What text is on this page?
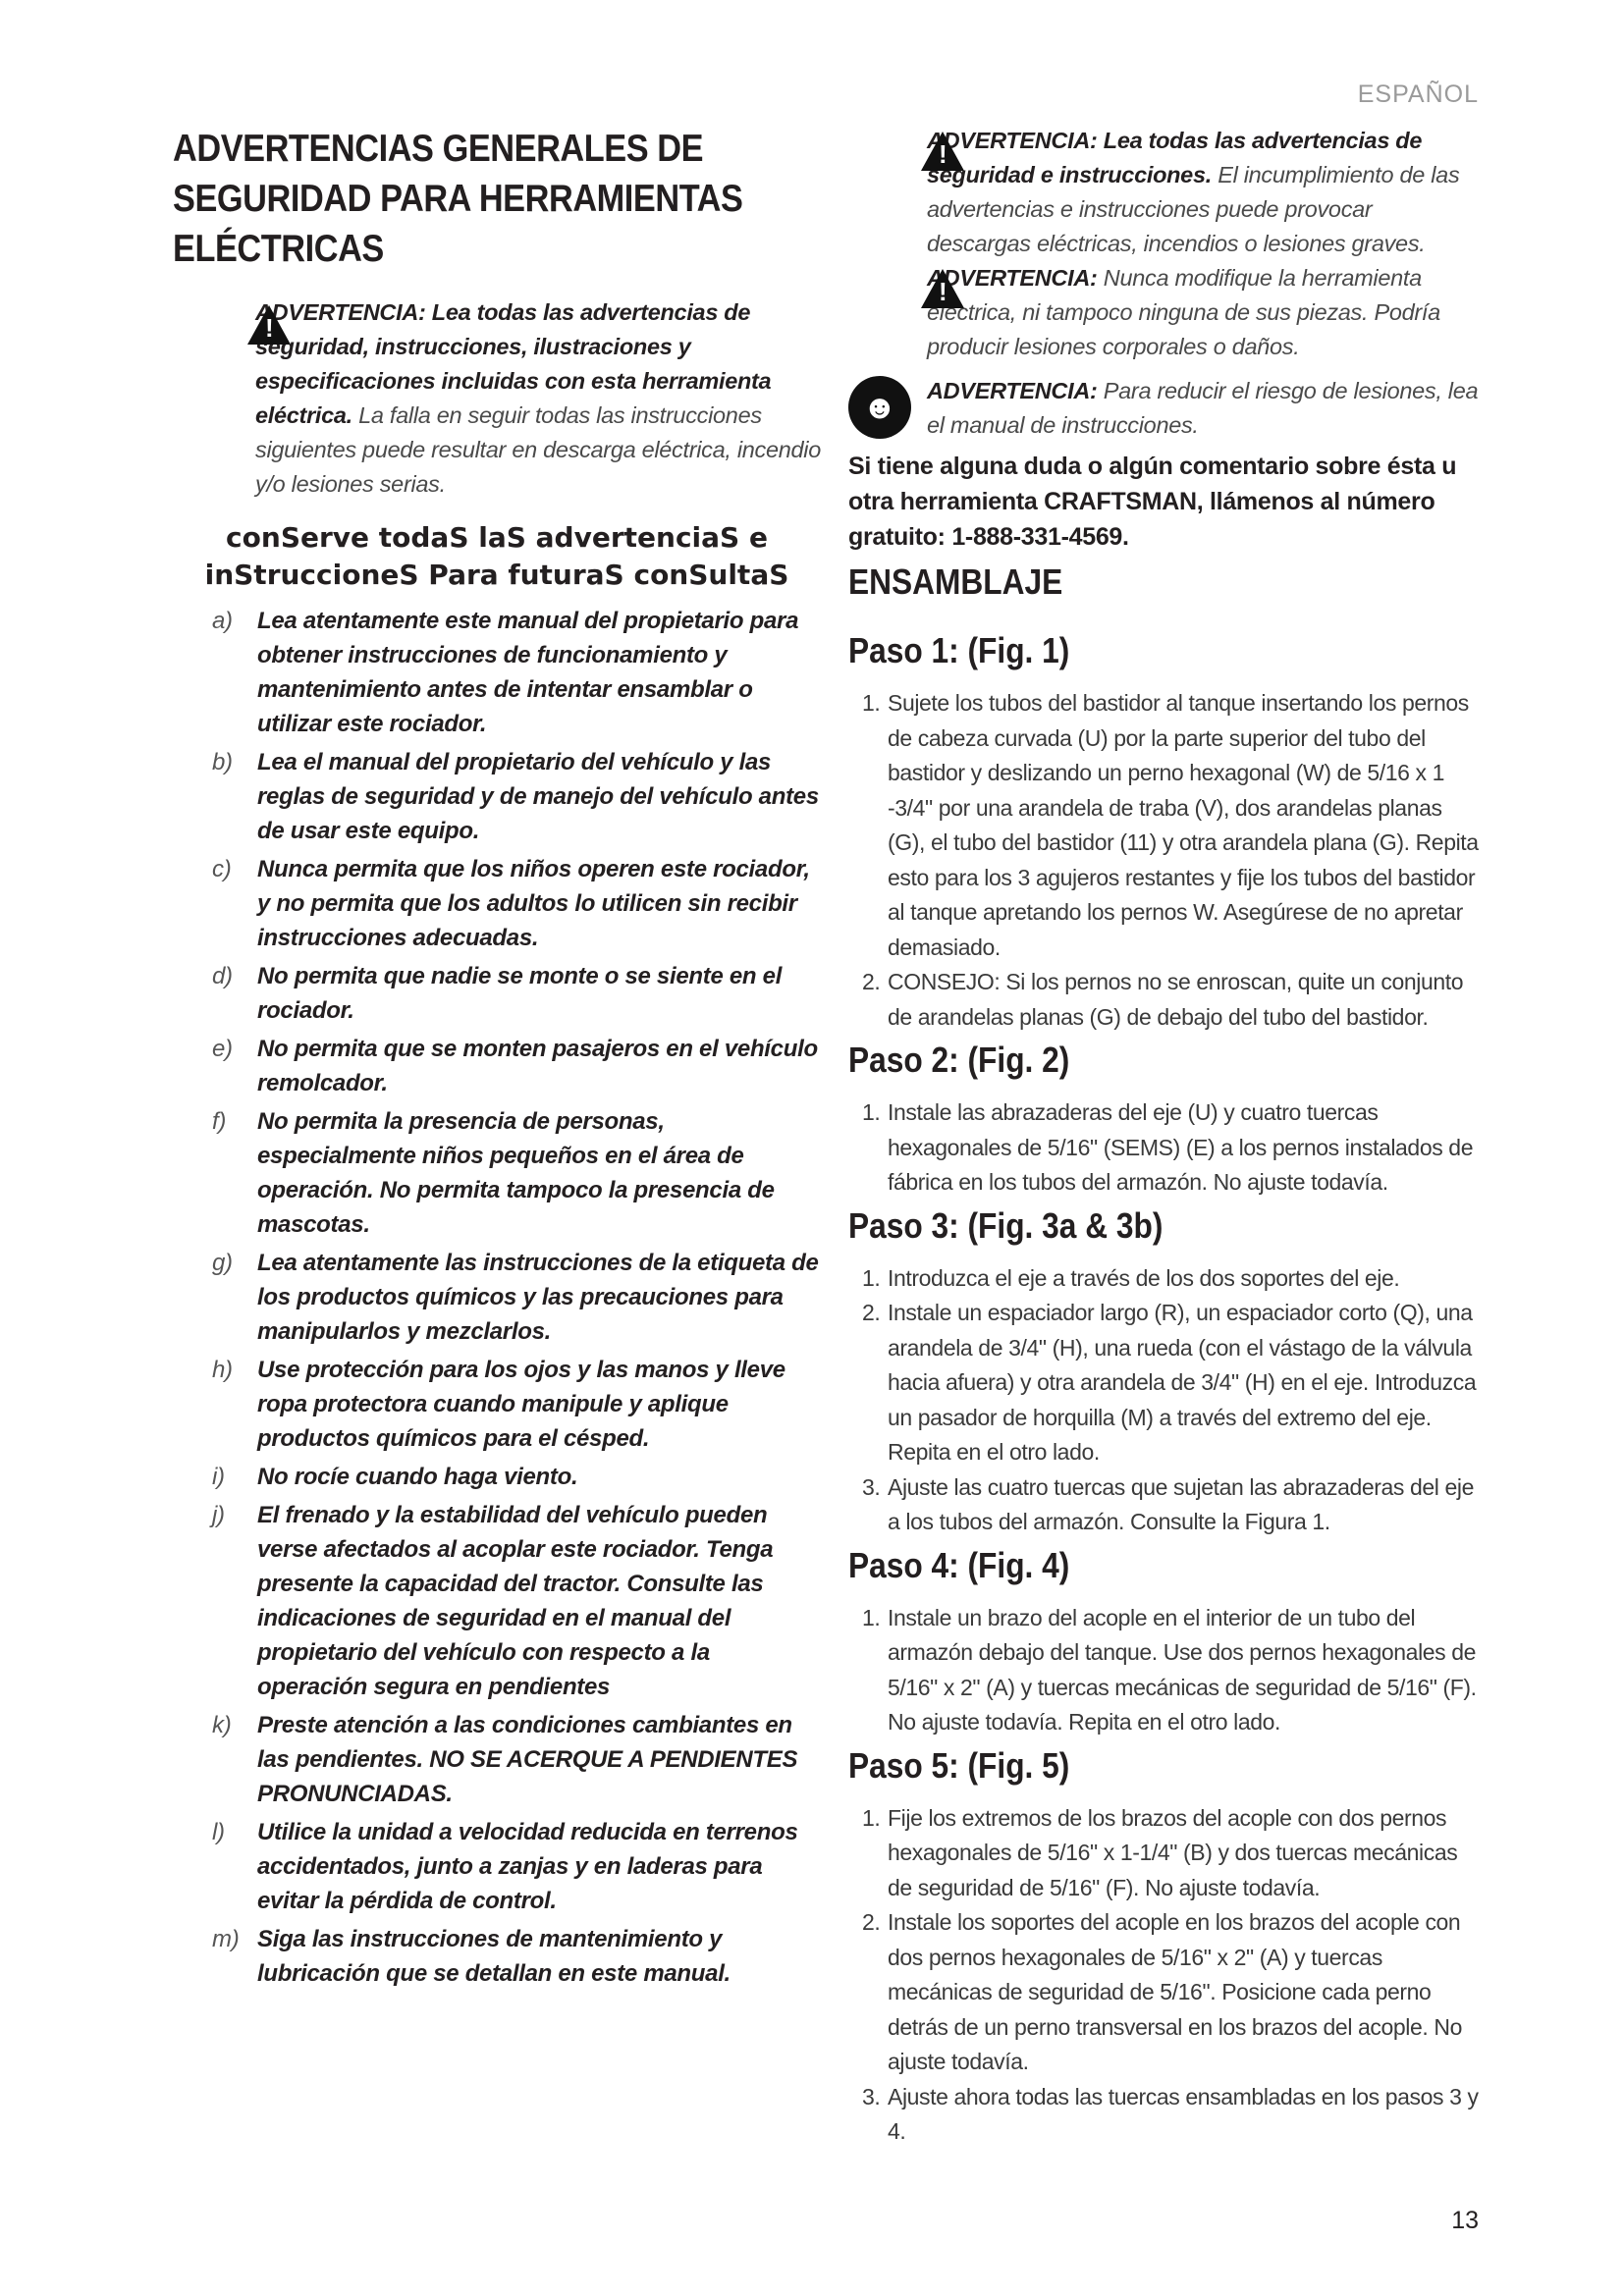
ESPAÑOL
ADVERTENCIAS GENERALES DE SEGURIDAD PARA HERRAMIENTAS ELÉCTRICAS
!
ADVERTENCIA: Lea todas las advertencias de seguridad, instrucciones, ilustraciones y especificaciones incluidas con esta herramienta eléctrica. La falla en seguir todas las instrucciones siguientes puede resultar en descarga eléctrica, incendio y/o lesiones serias.
conServe todaS laS advertenciaS e inStruccioneS Para futuraS conSultaS
a) Lea atentamente este manual del propietario para obtener instrucciones de funcionamiento y mantenimiento antes de intentar ensamblar o utilizar este rociador.
b) Lea el manual del propietario del vehículo y las reglas de seguridad y de manejo del vehículo antes de usar este equipo.
c) Nunca permita que los niños operen este rociador, y no permita que los adultos lo utilicen sin recibir instrucciones adecuadas.
d) No permita que nadie se monte o se siente en el rociador.
e) No permita que se monten pasajeros en el vehículo remolcador.
f) No permita la presencia de personas, especialmente niños pequeños en el área de operación. No permita tampoco la presencia de mascotas.
g) Lea atentamente las instrucciones de la etiqueta de los productos químicos y las precauciones para manipularlos y mezclarlos.
h) Use protección para los ojos y las manos y lleve ropa protectora cuando manipule y aplique productos químicos para el césped.
i) No rocíe cuando haga viento.
j) El frenado y la estabilidad del vehículo pueden verse afectados al acoplar este rociador. Tenga presente la capacidad del tractor. Consulte las indicaciones de seguridad en el manual del propietario del vehículo con respecto a la operación segura en pendientes
k) Preste atención a las condiciones cambiantes en las pendientes. NO SE ACERQUE A PENDIENTES PRONUNCIADAS.
l) Utilice la unidad a velocidad reducida en terrenos accidentados, junto a zanjas y en laderas para evitar la pérdida de control.
m) Siga las instrucciones de mantenimiento y lubricación que se detallan en este manual.
!
ADVERTENCIA: Lea todas las advertencias de seguridad e instrucciones. El incumplimiento de las advertencias e instrucciones puede provocar descargas eléctricas, incendios o lesiones graves.
!
ADVERTENCIA: Nunca modifique la herramienta eléctrica, ni tampoco ninguna de sus piezas. Podría producir lesiones corporales o daños.
☻	ADVERTENCIA: Para reducir el riesgo de lesiones, lea el manual de instrucciones.
Si tiene alguna duda o algún comentario sobre ésta u otra herramienta CRAFTSMAN, llámenos al número gratuito: 1-888-331-4569.
ENSAMBLAJE
Paso 1: (Fig. 1)
1. Sujete los tubos del bastidor al tanque insertando los pernos de cabeza curvada (U) por la parte superior del tubo del bastidor y deslizando un perno hexagonal (W) de 5/16 x 1 -3/4" por una arandela de traba (V), dos arandelas planas (G), el tubo del bastidor (11) y otra arandela plana (G). Repita esto para los 3 agujeros restantes y fije los tubos del bastidor al tanque apretando los pernos W. Asegúrese de no apretar demasiado.
2. CONSEJO: Si los pernos no se enroscan, quite un conjunto de arandelas planas (G) de debajo del tubo del bastidor.
Paso 2: (Fig. 2)
1. Instale las abrazaderas del eje (U) y cuatro tuercas hexagonales de 5/16" (SEMS) (E) a los pernos instalados de fábrica en los tubos del armazón. No ajuste todavía.
Paso 3: (Fig. 3a & 3b)
1. Introduzca el eje a través de los dos soportes del eje.
2. Instale un espaciador largo (R), un espaciador corto (Q), una arandela de 3/4" (H), una rueda (con el vástago de la válvula hacia afuera) y otra arandela de 3/4" (H) en el eje. Introduzca un pasador de horquilla (M) a través del extremo del eje. Repita en el otro lado.
3. Ajuste las cuatro tuercas que sujetan las abrazaderas del eje a los tubos del armazón. Consulte la Figura 1.
Paso 4: (Fig. 4)
1. Instale un brazo del acople en el interior de un tubo del armazón debajo del tanque. Use dos pernos hexagonales de 5/16" x 2" (A) y tuercas mecánicas de seguridad de 5/16" (F). No ajuste todavía. Repita en el otro lado.
Paso 5: (Fig. 5)
1. Fije los extremos de los brazos del acople con dos pernos hexagonales de 5/16" x 1-1/4" (B) y dos tuercas mecánicas de seguridad de 5/16" (F). No ajuste todavía.
2. Instale los soportes del acople en los brazos del acople con dos pernos hexagonales de 5/16" x 2" (A) y tuercas mecánicas de seguridad de 5/16". Posicione cada perno detrás de un perno transversal en los brazos del acople. No ajuste todavía.
3. Ajuste ahora todas las tuercas ensambladas en los pasos 3 y 4.
13
